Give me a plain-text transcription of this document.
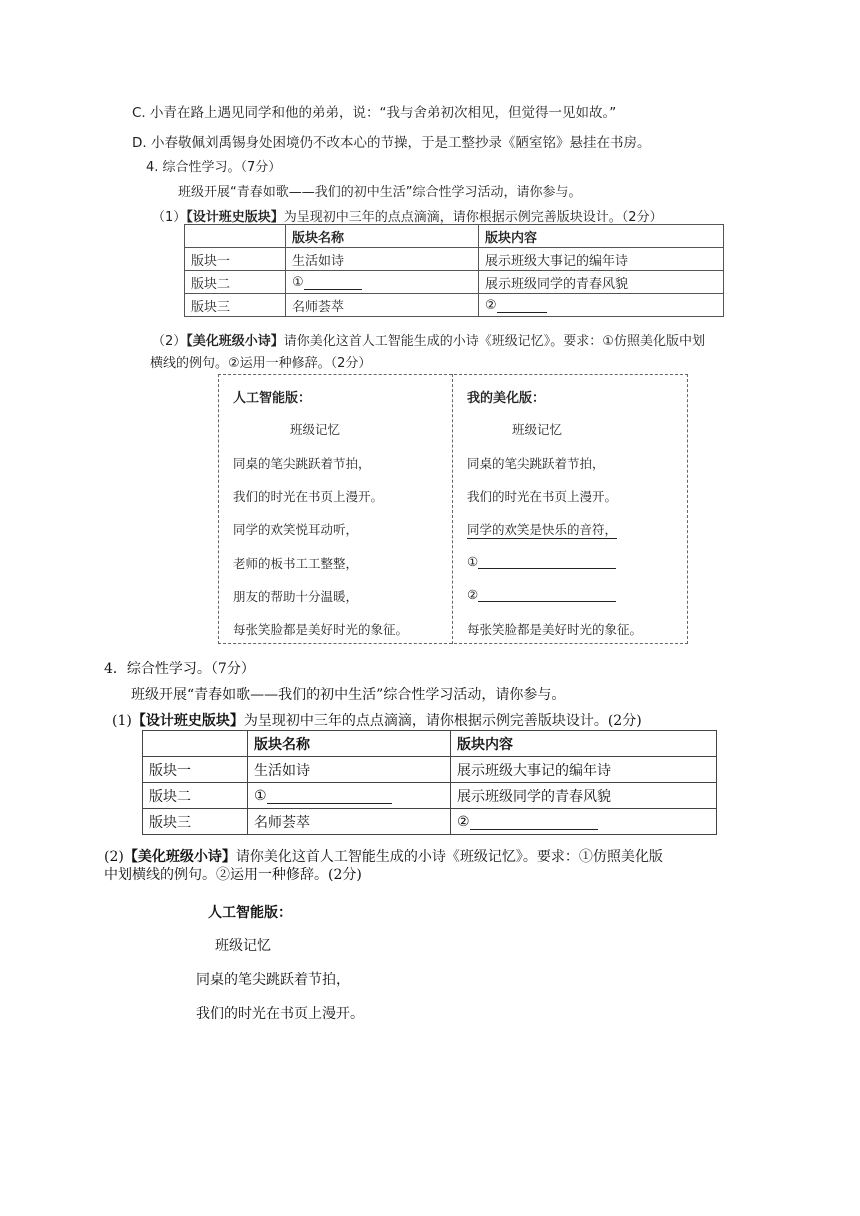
C. 小青在路上遇见同学和他的弟弟，说：“我与舍弟初次相见，但觉得一见如故。”
D. 小春敬佩刘禹锡身处困境仍不改本心的节操，于是工整抄录《陋室铭》悬挂在书房。
4. 综合性学习。（7分）
班级开展“青春如歌——我们的初中生活”综合性学习活动，请你参与。
（1）【设计班史版块】为呈现初中三年的点点滴滴，请你根据示例完善版块设计。（2分）
	版块名称	版块内容
版块一	生活如诗	展示班级大事记的编年诗
版块二	①	展示班级同学的青春风貌
版块三	名师荟萃	②
（2）【美化班级小诗】请你美化这首人工智能生成的小诗《班级记忆》。要求：①仿照美化版中划
横线的例句。②运用一种修辞。（2分）
人工智能版：
班级记忆
同桌的笔尖跳跃着节拍，
我们的时光在书页上漫开。
同学的欢笑悦耳动听，
老师的板书工工整整，
朋友的帮助十分温暖，
每张笑脸都是美好时光的象征。
我的美化版：
班级记忆
同桌的笔尖跳跃着节拍，
我们的时光在书页上漫开。
同学的欢笑是快乐的音符，
①
②
每张笑脸都是美好时光的象征。
4．综合性学习。（7分）
班级开展“青春如歌——我们的初中生活”综合性学习活动，请你参与。
(1)【设计班史版块】为呈现初中三年的点点滴滴，请你根据示例完善版块设计。(2分)
	版块名称	版块内容
版块一	生活如诗	展示班级大事记的编年诗
版块二	①	展示班级同学的青春风貌
版块三	名师荟萃	②
(2)【美化班级小诗】请你美化这首人工智能生成的小诗《班级记忆》。要求：①仿照美化版
中划横线的例句。②运用一种修辞。(2分)
人工智能版：
班级记忆
同桌的笔尖跳跃着节拍，
我们的时光在书页上漫开。
